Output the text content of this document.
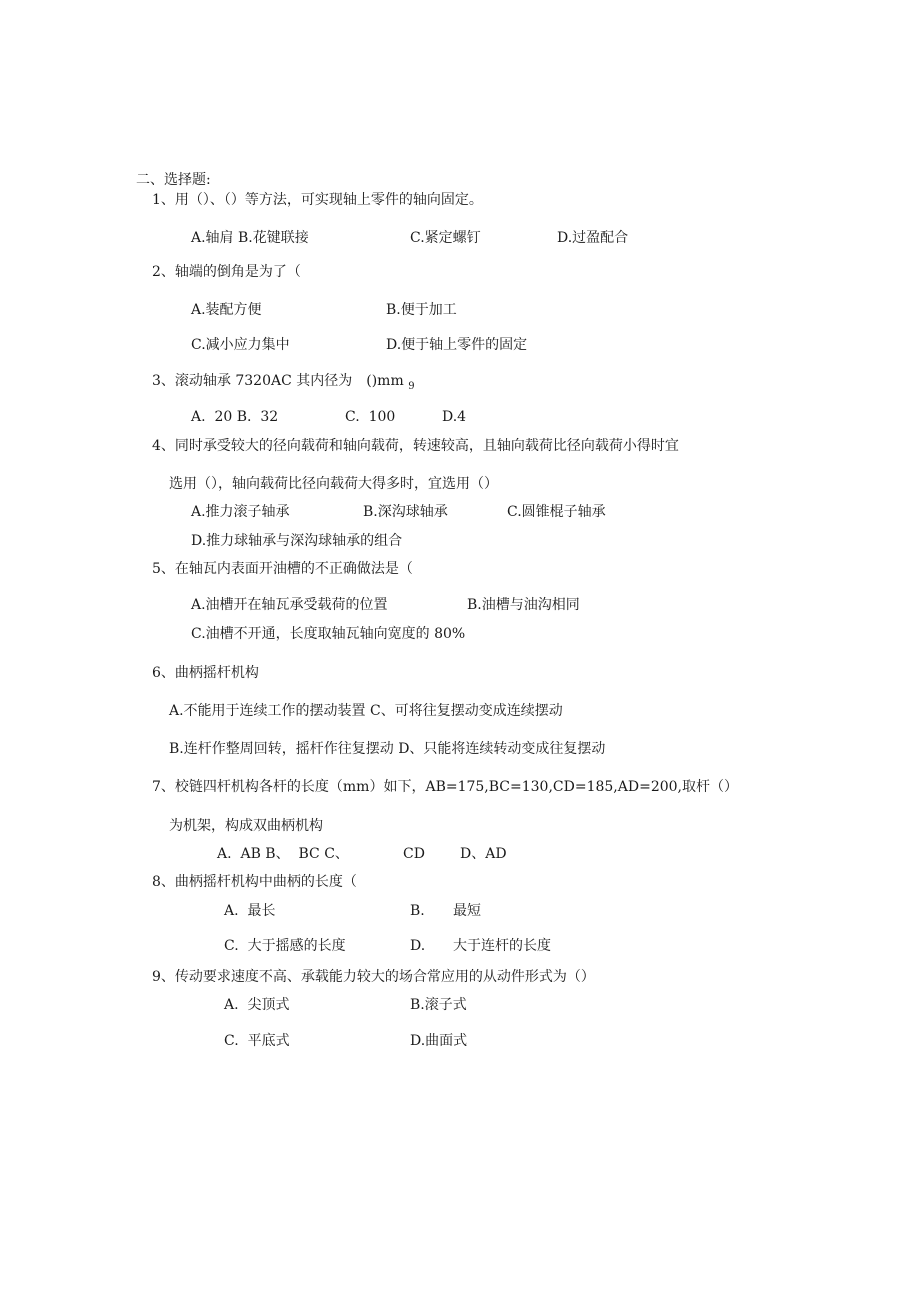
二、选择题:
1、用（）、（）等方法，可实现轴上零件的轴向固定。
A.轴肩 B.花键联接	C.紧定螺钉	D.过盈配合
2、轴端的倒角是为了（
A.装配方便	B.便于加工
C.减小应力集中	D.便于轴上零件的固定
3、滚动轴承 7320AC 其内径为　()mm $_9$
A.  20 B.  32	C.  100	D.4
4、同时承受较大的径向载荷和轴向载荷，转速较高，且轴向载荷比径向载荷小得时宜
选用（），轴向载荷比径向载荷大得多时，宜选用（）
A.推力滚子轴承	B.深沟球轴承	C.圆锥棍子轴承
D.推力球轴承与深沟球轴承的组合
5、在轴瓦内表面开油槽的不正确做法是（
A.油槽开在轴瓦承受载荷的位置	B.油槽与油沟相同
C.油槽不开通，长度取轴瓦轴向宽度的 80%
6、曲柄摇杆机构
A.不能用于连续工作的摆动装置 C、可将往复摆动变成连续摆动
B.连杆作整周回转，摇杆作往复摆动 D、只能将连续转动变成往复摆动
7、校链四杆机构各杆的长度（mm）如下，AB=175,BC=130,CD=185,AD=200,取杆（）
为机架，构成双曲柄机构
A.  AB B、  BC C、	CD	D、AD
8、曲柄摇杆机构中曲柄的长度（
A.  最长	B. 最短
C.  大于摇感的长度	D. 大于连杆的长度
9、传动要求速度不高、承载能力较大的场合常应用的从动件形式为（）
A.  尖顶式	B.滚子式
C.  平底式	D.曲面式
